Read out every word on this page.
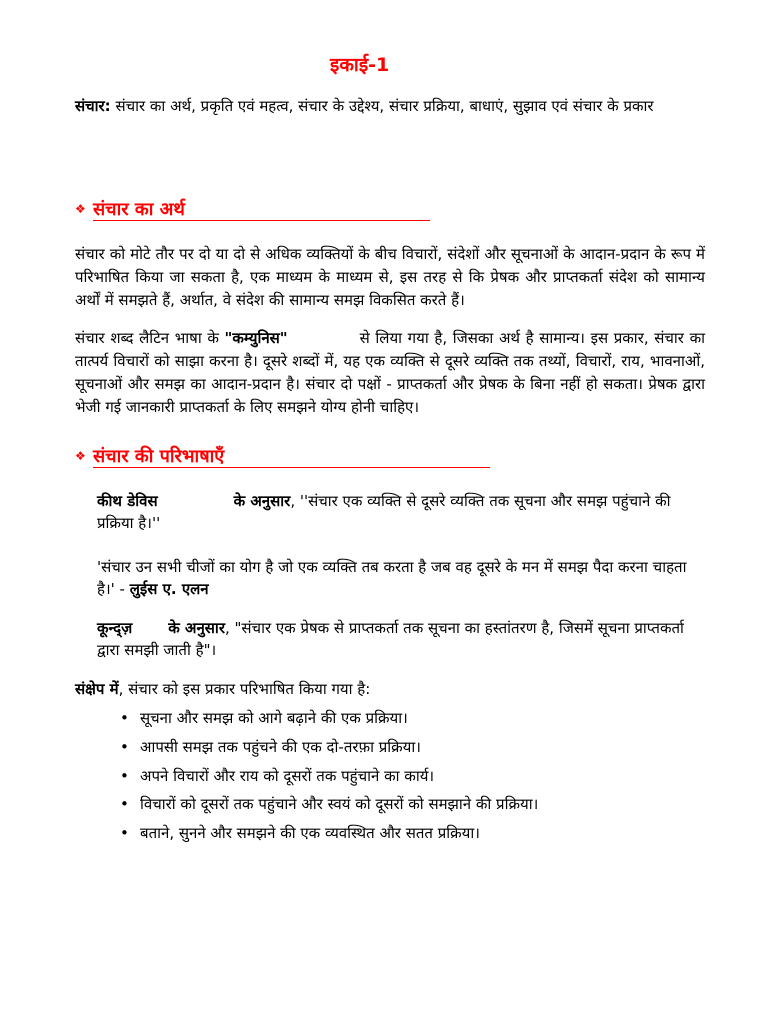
इकाई-1

संचार: संचार का अर्थ, प्रकृति एवं महत्व, संचार के उद्देश्य, संचार प्रक्रिया, बाधाएं, सुझाव एवं संचार के प्रकार

❖ संचार का अर्थ

संचार को मोटे तौर पर दो या दो से अधिक व्यक्तियों के बीच विचारों, संदेशों और सूचनाओं के आदान-प्रदान के रूप में परिभाषित किया जा सकता है, एक माध्यम के माध्यम से, इस तरह से कि प्रेषक और प्राप्तकर्ता संदेश को सामान्य अर्थों में समझते हैं, अर्थात, वे संदेश की सामान्य समझ विकसित करते हैं।

संचार शब्द लैटिन भाषा के "कम्युनिस"	से लिया गया है, जिसका अर्थ है सामान्य। इस प्रकार, संचार का तात्पर्य विचारों को साझा करना है। दूसरे शब्दों में, यह एक व्यक्ति से दूसरे व्यक्ति तक तथ्यों, विचारों, राय, भावनाओं, सूचनाओं और समझ का आदान-प्रदान है। संचार दो पक्षों - प्राप्तकर्ता और प्रेषक के बिना नहीं हो सकता। प्रेषक द्वारा भेजी गई जानकारी प्राप्तकर्ता के लिए समझने योग्य होनी चाहिए।

❖ संचार की परिभाषाएँ

कीथ डेविस	के अनुसार, ''संचार एक व्यक्ति से दूसरे व्यक्ति तक सूचना और समझ पहुंचाने की प्रक्रिया है।''

'संचार उन सभी चीजों का योग है जो एक व्यक्ति तब करता है जब वह दूसरे के मन में समझ पैदा करना चाहता है।' - लुईस ए. एलन

कून्द्ज़ के अनुसार, "संचार एक प्रेषक से प्राप्तकर्ता तक सूचना का हस्तांतरण है, जिसमें सूचना प्राप्तकर्ता द्वारा समझी जाती है"।

संक्षेप में, संचार को इस प्रकार परिभाषित किया गया है:

• सूचना और समझ को आगे बढ़ाने की एक प्रक्रिया।
• आपसी समझ तक पहुंचने की एक दो-तरफ़ा प्रक्रिया।
• अपने विचारों और राय को दूसरों तक पहुंचाने का कार्य।
• विचारों को दूसरों तक पहुंचाने और स्वयं को दूसरों को समझाने की प्रक्रिया।
• बताने, सुनने और समझने की एक व्यवस्थित और सतत प्रक्रिया।
